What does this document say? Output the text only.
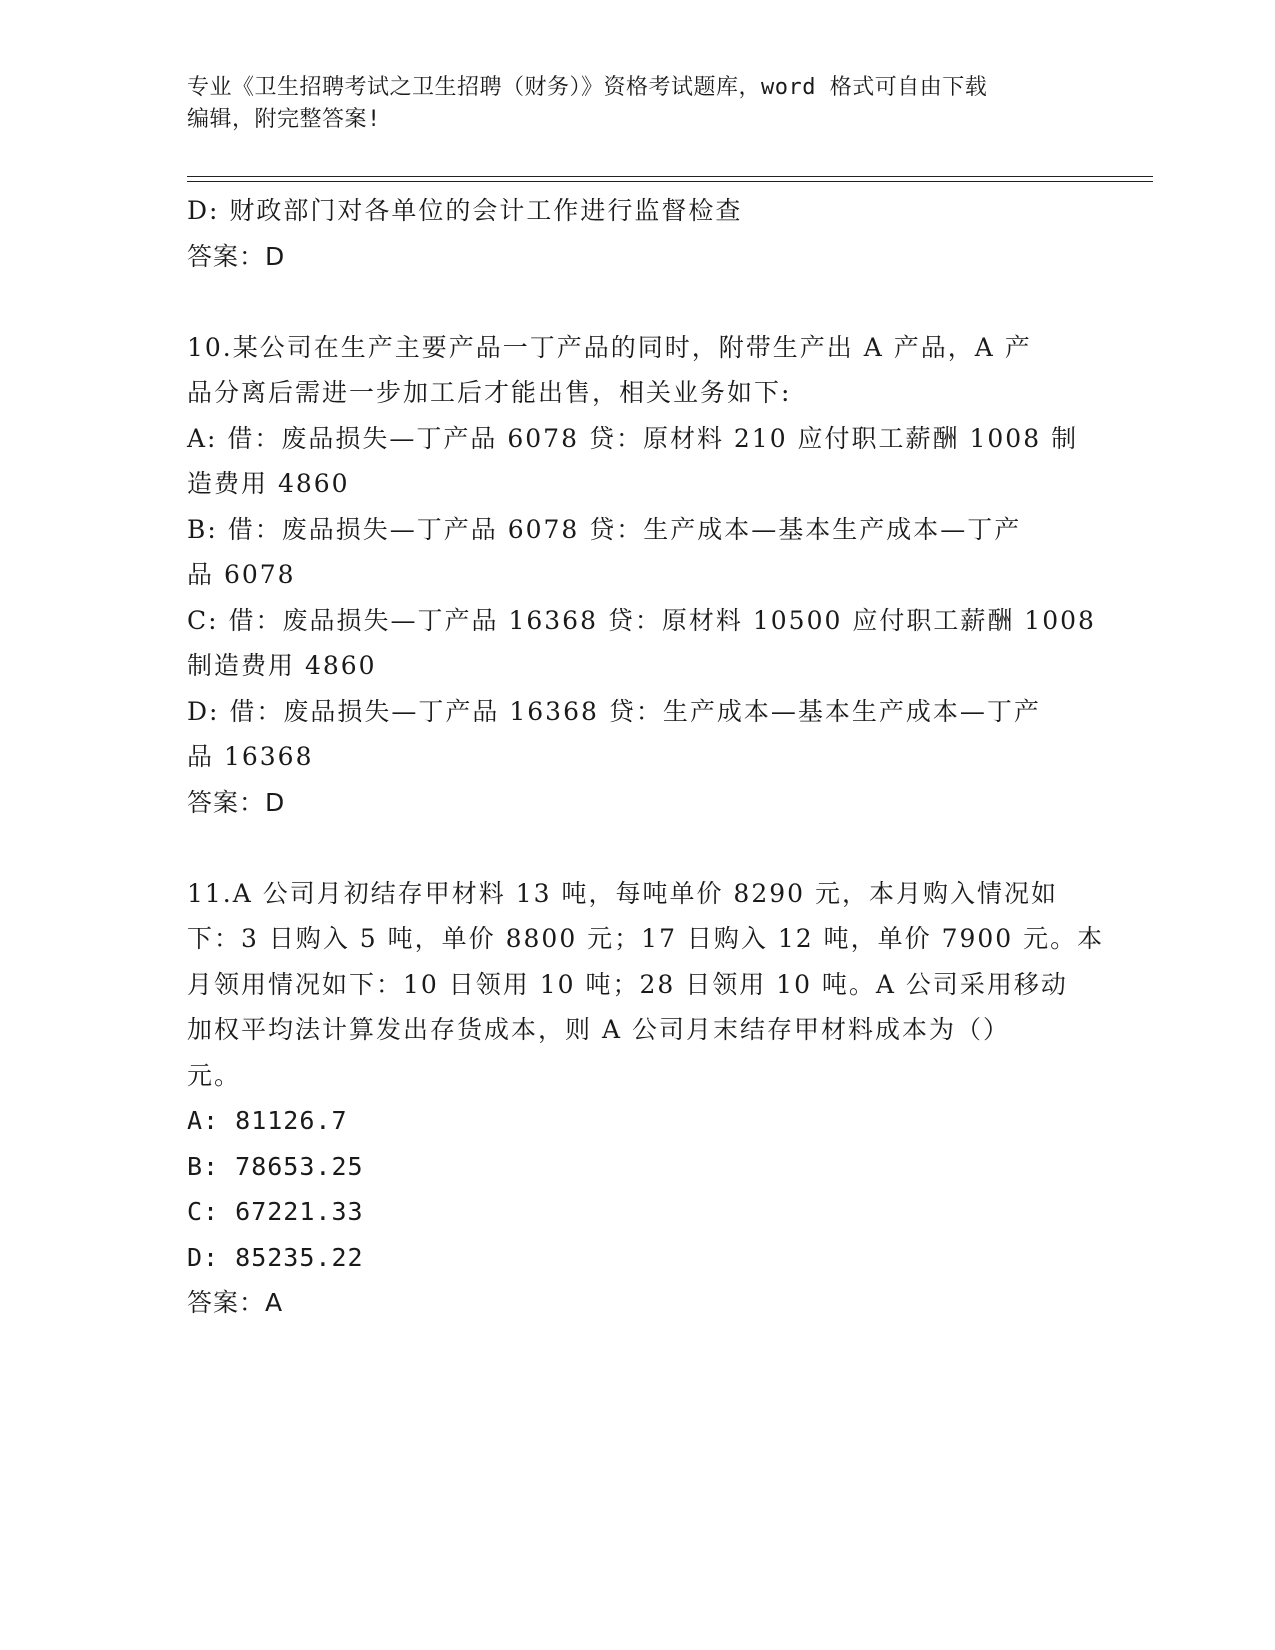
专业《卫生招聘考试之卫生招聘（财务）》资格考试题库，word 格式可自由下载
编辑，附完整答案!
D: 财政部门对各单位的会计工作进行监督检查
答案：D
10.某公司在生产主要产品一丁产品的同时，附带生产出 A 产品，A 产
品分离后需进一步加工后才能出售，相关业务如下:
A: 借：废品损失—丁产品 6078 贷：原材料 210 应付职工薪酬 1008 制
造费用 4860
B: 借：废品损失—丁产品 6078 贷：生产成本—基本生产成本—丁产
品 6078
C: 借：废品损失—丁产品 16368 贷：原材料 10500 应付职工薪酬 1008
制造费用 4860
D: 借：废品损失—丁产品 16368 贷：生产成本—基本生产成本—丁产
品 16368
答案：D
11.A 公司月初结存甲材料 13 吨，每吨单价 8290 元，本月购入情况如
下：3 日购入 5 吨，单价 8800 元；17 日购入 12 吨，单价 7900 元。本
月领用情况如下：10 日领用 10 吨；28 日领用 10 吨。A 公司采用移动
加权平均法计算发出存货成本，则 A 公司月末结存甲材料成本为（）
元。
A: 81126.7
B: 78653.25
C: 67221.33
D: 85235.22
答案：A
